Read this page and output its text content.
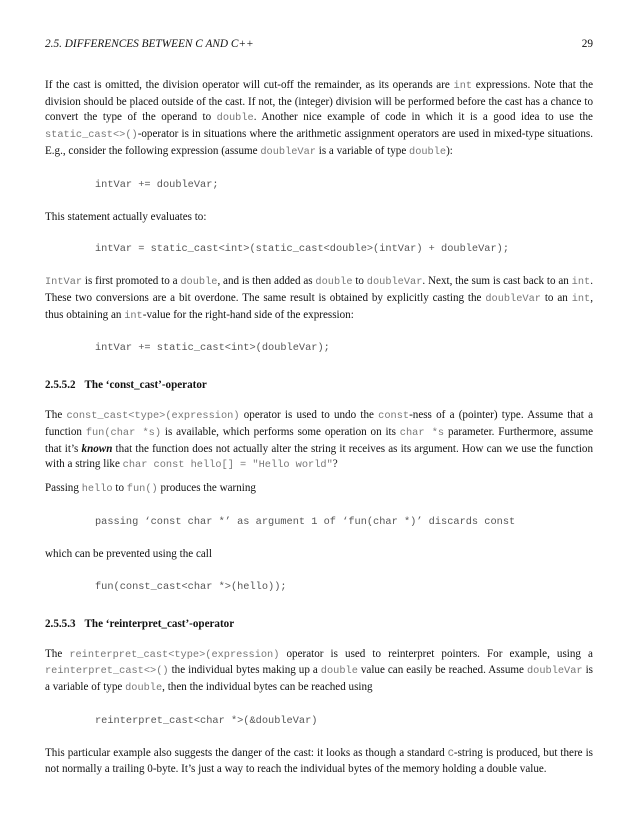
2.5. DIFFERENCES BETWEEN C AND C++	29

If the cast is omitted, the division operator will cut-off the remainder, as its operands are int expressions. Note that the division should be placed outside of the cast. If not, the (integer) division will be performed before the cast has a chance to convert the type of the operand to double. Another nice example of code in which it is a good idea to use the static_cast<>()-operator is in situations where the arithmetic assignment operators are used in mixed-type situations. E.g., consider the following expression (assume doubleVar is a variable of type double):

intVar += doubleVar;

This statement actually evaluates to:

intVar = static_cast<int>(static_cast<double>(intVar) + doubleVar);

IntVar is first promoted to a double, and is then added as double to doubleVar. Next, the sum is cast back to an int. These two conversions are a bit overdone. The same result is obtained by explicitly casting the doubleVar to an int, thus obtaining an int-value for the right-hand side of the expression:

intVar += static_cast<int>(doubleVar);
2.5.5.2 The ‘const_cast’-operator

The const_cast<type>(expression) operator is used to undo the const-ness of a (pointer) type. Assume that a function fun(char *s) is available, which performs some operation on its char *s parameter. Furthermore, assume that it’s known that the function does not actually alter the string it receives as its argument. How can we use the function with a string like char const hello[] = "Hello world"?

Passing hello to fun() produces the warning

passing ‘const char *’ as argument 1 of ‘fun(char *)’ discards const

which can be prevented using the call

fun(const_cast<char *>(hello));
2.5.5.3 The ‘reinterpret_cast’-operator

The reinterpret_cast<type>(expression) operator is used to reinterpret pointers. For example, using a reinterpret_cast<>() the individual bytes making up a double value can easily be reached. Assume doubleVar is a variable of type double, then the individual bytes can be reached using

reinterpret_cast<char *>(&doubleVar)

This particular example also suggests the danger of the cast: it looks as though a standard C-string is produced, but there is not normally a trailing 0-byte. It’s just a way to reach the individual bytes of the memory holding a double value.
